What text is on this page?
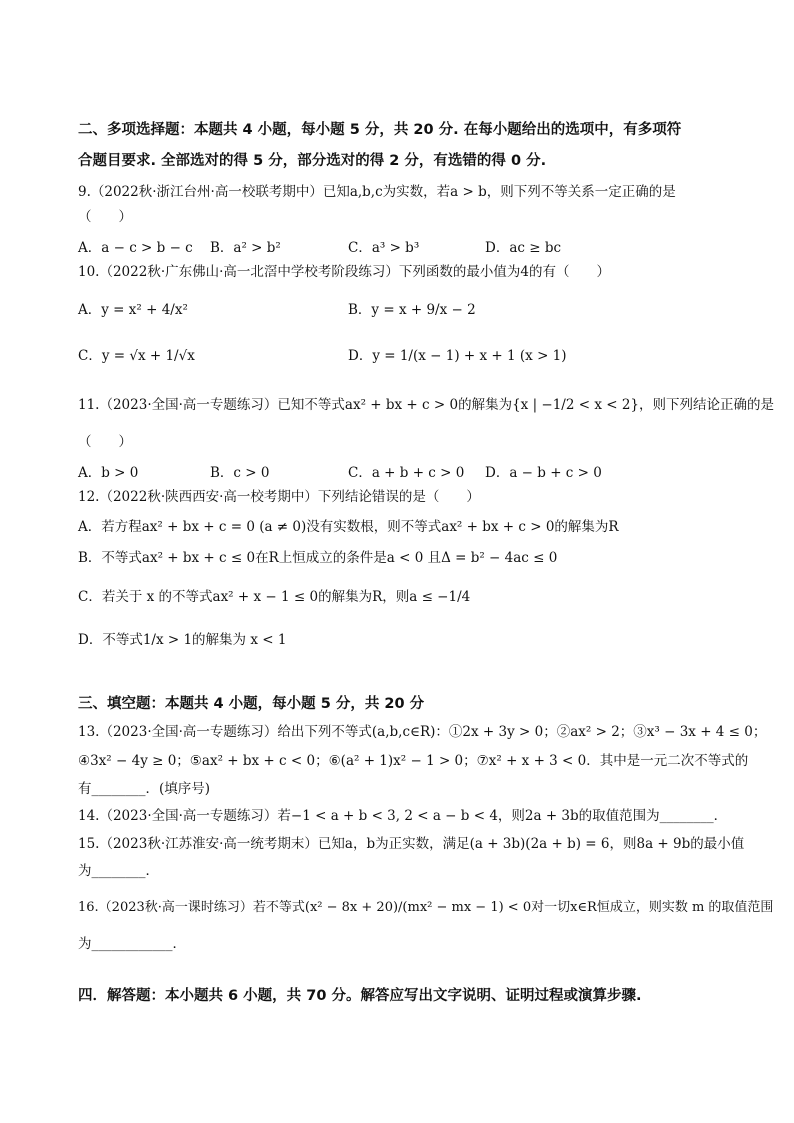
二、多项选择题：本题共 4 小题，每小题 5 分，共 20 分. 在每小题给出的选项中，有多项符
合题目要求. 全部选对的得 5 分，部分选对的得 2 分，有选错的得 0 分.
9.（2022秋·浙江台州·高一校联考期中）已知a,b,c为实数，若a > b，则下列不等关系一定正确的是
（　　）
A．a − c > b − c B．a² > b²	C．a³ > b³	D．ac ≥ bc
10.（2022秋·广东佛山·高一北滘中学校考阶段练习）下列函数的最小值为4的有（　　）
A．y = x² + 4/x²	B．y = x + 9/x − 2
C．y = √x + 1/√x	D．y = 1/(x − 1) + x + 1 (x > 1)
11.（2023·全国·高一专题练习）已知不等式ax² + bx + c > 0的解集为{x | −1/2 < x < 2}，则下列结论正确的是
（　　）
A．b > 0	B．c > 0	C．a + b + c > 0 D．a − b + c > 0
12.（2022秋·陕西西安·高一校考期中）下列结论错误的是（　　）
A．若方程ax² + bx + c = 0 (a ≠ 0)没有实数根，则不等式ax² + bx + c > 0的解集为R
B．不等式ax² + bx + c ≤ 0在R上恒成立的条件是a < 0 且Δ = b² − 4ac ≤ 0
C．若关于 x 的不等式ax² + x − 1 ≤ 0的解集为R，则a ≤ −1/4
D．不等式1/x > 1的解集为 x < 1
三、填空题：本题共 4 小题，每小题 5 分，共 20 分
13.（2023·全国·高一专题练习）给出下列不等式(a,b,c∈R)：①2x + 3y > 0；②ax² > 2；③x³ − 3x + 4 ≤ 0；
④3x² − 4y ≥ 0；⑤ax² + bx + c < 0；⑥(a² + 1)x² − 1 > 0；⑦x² + x + 3 < 0．其中是一元二次不等式的
有________．(填序号)
14.（2023·全国·高一专题练习）若−1 < a + b < 3, 2 < a − b < 4，则2a + 3b的取值范围为________．
15.（2023秋·江苏淮安·高一统考期末）已知a，b为正实数，满足(a + 3b)(2a + b) = 6，则8a + 9b的最小值
为________．
16.（2023秋·高一课时练习）若不等式(x² − 8x + 20)/(mx² − mx − 1) < 0对一切x∈R恒成立，则实数 m 的取值范围
为____________．
四．解答题：本小题共 6 小题，共 70 分。解答应写出文字说明、证明过程或演算步骤.
